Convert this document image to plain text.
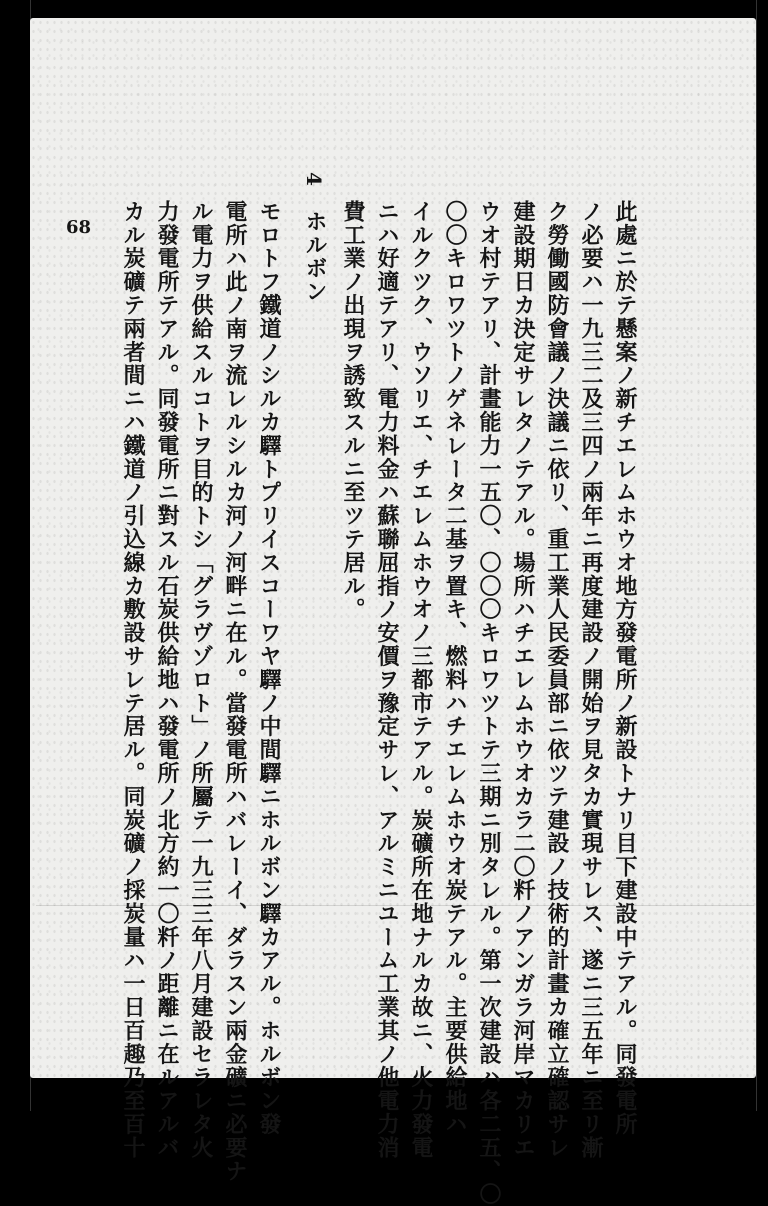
68
4
此處ニ於テ懸案ノ新チエレムホウオ地方發電所ノ新設トナリ目下建設中テアル。同發電所
ノ必要ハ一九三二及三四ノ兩年ニ再度建設ノ開始ヲ見タカ實現サレス、遂ニ三五年ニ至リ漸
ク勞働國防會議ノ決議ニ依リ、重工業人民委員部ニ依ツテ建設ノ技術的計畫カ確立確認サレ
建設期日カ決定サレタノテアル。場所ハチエレムホウオカラ二〇粁ノアンガラ河岸マカリエ
ウオ村テアリ、計畫能力一五〇、〇〇〇キロワツトテ三期ニ別タレル。第一次建設ハ各二五、〇
〇〇キロワツトノゲネレータ二基ヲ置キ、燃料ハチエレムホウオ炭テアル。主要供給地ハ
イルクツク、ウソリエ、チエレムホウオノ三都市テアル。炭礦所在地ナルカ故ニ、火力發電
ニハ好適テアリ、電力料金ハ蘇聯屈指ノ安價ヲ豫定サレ、アルミニユーム工業其ノ他電力消
費工業ノ出現ヲ誘致スルニ至ツテ居ル。
ホルボン
モロトフ鐵道ノシルカ驛トプリイスコーワヤ驛ノ中間驛ニホルボン驛カアル。ホルボン發
電所ハ此ノ南ヲ流レルシルカ河ノ河畔ニ在ル。當發電所ハバレーイ、ダラスン兩金礦ニ必要ナ
ル電力ヲ供給スルコトヲ目的トシ「グラヴゾロト」ノ所屬テ一九三三年八月建設セラレタ火
力發電所テアル。同發電所ニ對スル石炭供給地ハ發電所ノ北方約一〇粁ノ距離ニ在ルアルバ
カル炭礦テ兩者間ニハ鐵道ノ引込線カ敷設サレテ居ル。同炭礦ノ採炭量ハ一日百趣乃至百十
